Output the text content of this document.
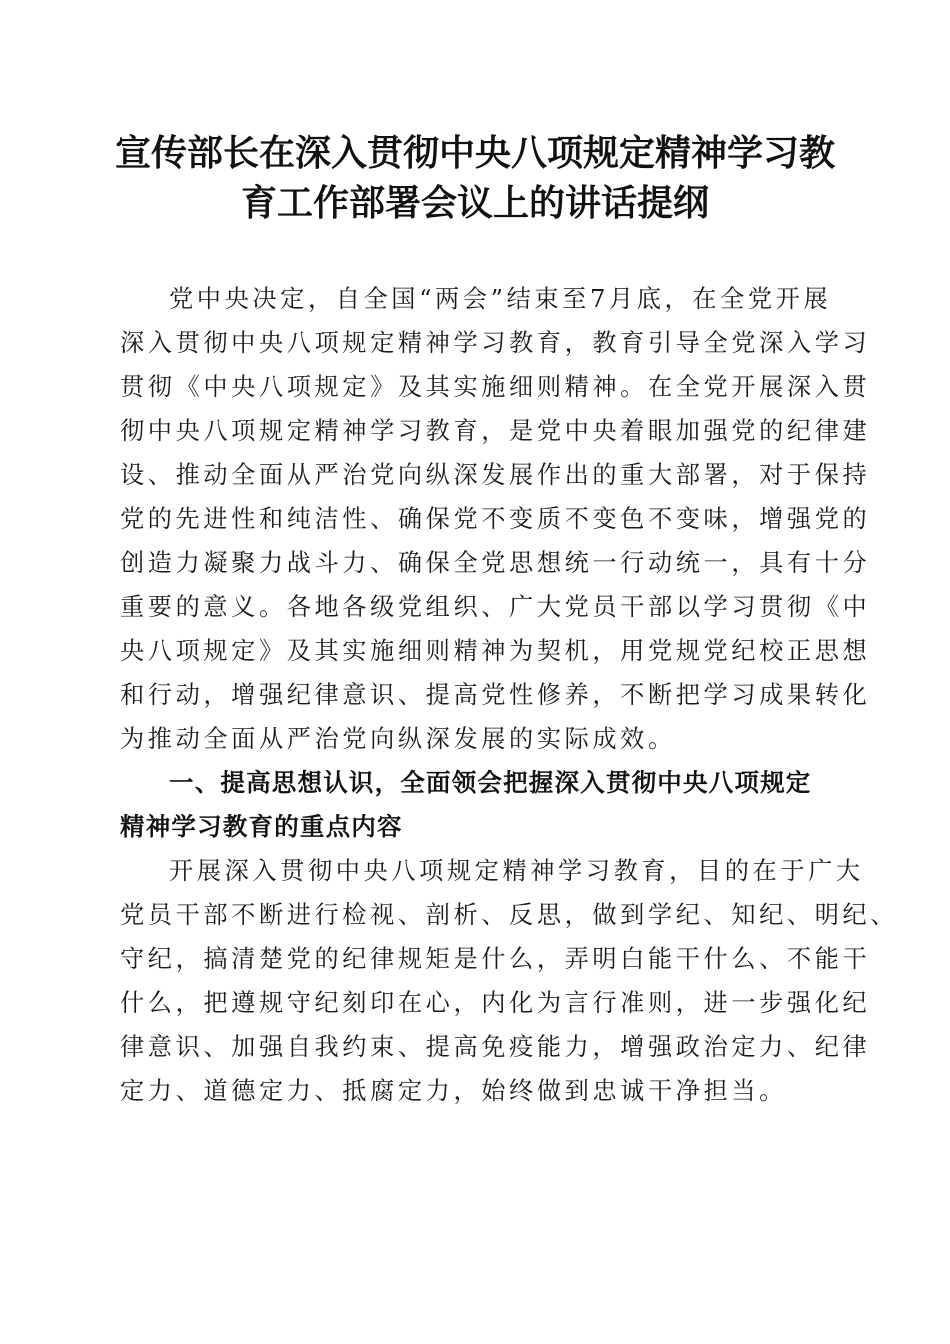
宣传部长在深入贯彻中央八项规定精神学习教
育工作部署会议上的讲话提纲
党中央决定，自全国“两会”结束至7月底，在全党开展
深入贯彻中央八项规定精神学习教育，教育引导全党深入学习
贯彻《中央八项规定》及其实施细则精神。在全党开展深入贯
彻中央八项规定精神学习教育，是党中央着眼加强党的纪律建
设、推动全面从严治党向纵深发展作出的重大部署，对于保持
党的先进性和纯洁性、确保党不变质不变色不变味，增强党的
创造力凝聚力战斗力、确保全党思想统一行动统一，具有十分
重要的意义。各地各级党组织、广大党员干部以学习贯彻《中
央八项规定》及其实施细则精神为契机，用党规党纪校正思想
和行动，增强纪律意识、提高党性修养，不断把学习成果转化
为推动全面从严治党向纵深发展的实际成效。
一、提高思想认识，全面领会把握深入贯彻中央八项规定
精神学习教育的重点内容
开展深入贯彻中央八项规定精神学习教育，目的在于广大
党员干部不断进行检视、剖析、反思，做到学纪、知纪、明纪、
守纪，搞清楚党的纪律规矩是什么，弄明白能干什么、不能干
什么，把遵规守纪刻印在心，内化为言行准则，进一步强化纪
律意识、加强自我约束、提高免疫能力，增强政治定力、纪律
定力、道德定力、抵腐定力，始终做到忠诚干净担当。
